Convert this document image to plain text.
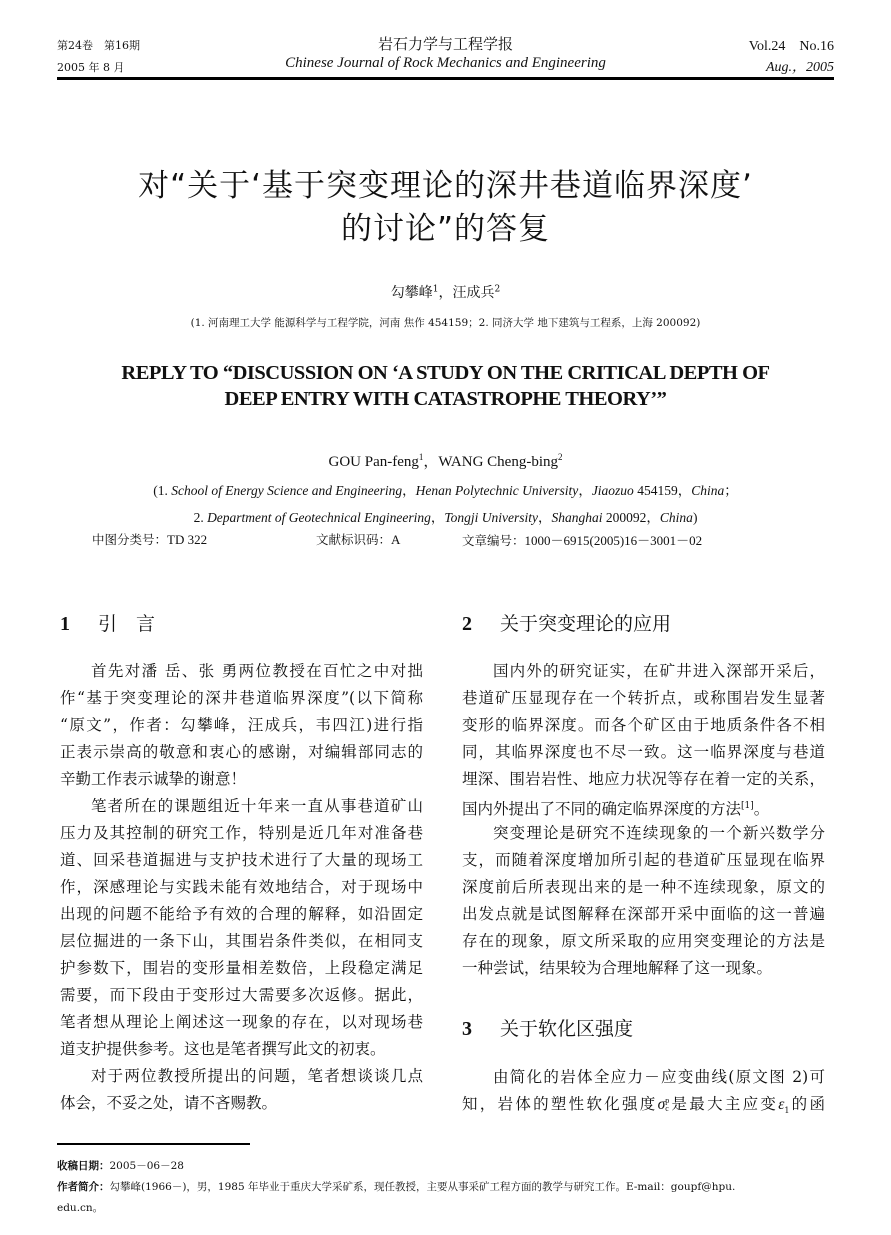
第24卷　第16期
2005 年 8 月
岩石力学与工程学报
Chinese Journal of Rock Mechanics and Engineering
Vol.24　No.16
Aug.，2005
对“关于‘基于突变理论的深井巷道临界深度’
的讨论”的答复
勾攀峰$^1$，汪成兵$^2$
(1. 河南理工大学 能源科学与工程学院，河南 焦作 454159；2. 同济大学 地下建筑与工程系，上海 200092)
REPLY TO “DISCUSSION ON ‘A STUDY ON THE CRITICAL DEPTH OF
DEEP ENTRY WITH CATASTROPHE THEORY’”
GOU Pan-feng$^1$，WANG Cheng-bing$^2$
(1. School of Energy Science and Engineering，Henan Polytechnic University，Jiaozuo 454159，China；
2. Department of Geotechnical Engineering，Tongji University，Shanghai 200092，China)
中图分类号：TD 322	文献标识码：A	文章编号：1000－6915(2005)16－3001－02
1 引　言	2 关于突变理论的应用
首先对潘 岳、张 勇两位教授在百忙之中对拙
作“基于突变理论的深井巷道临界深度”(以下简称
“原文”，作者：勾攀峰，汪成兵，韦四江)进行指
正表示崇高的敬意和衷心的感谢，对编辑部同志的
辛勤工作表示诚挚的谢意！
笔者所在的课题组近十年来一直从事巷道矿山
压力及其控制的研究工作，特别是近几年对准备巷
道、回采巷道掘进与支护技术进行了大量的现场工
作，深感理论与实践未能有效地结合，对于现场中
出现的问题不能给予有效的合理的解释，如沿固定
层位掘进的一条下山，其围岩条件类似，在相同支
护参数下，围岩的变形量相差数倍，上段稳定满足
需要，而下段由于变形过大需要多次返修。据此，
笔者想从理论上阐述这一现象的存在，以对现场巷
道支护提供参考。这也是笔者撰写此文的初衷。
对于两位教授所提出的问题，笔者想谈谈几点
体会，不妥之处，请不吝赐教。
国内外的研究证实，在矿井进入深部开采后，
巷道矿压显现存在一个转折点，或称围岩发生显著
变形的临界深度。而各个矿区由于地质条件各不相
同，其临界深度也不尽一致。这一临界深度与巷道
埋深、围岩岩性、地应力状况等存在着一定的关系，
国内外提出了不同的确定临界深度的方法[1]。
突变理论是研究不连续现象的一个新兴数学分
支，而随着深度增加所引起的巷道矿压显现在临界
深度前后所表现出来的是一种不连续现象，原文的
出发点就是试图解释在深部开采中面临的这一普遍
存在的现象，原文所采取的应用突变理论的方法是
一种尝试，结果较为合理地解释了这一现象。
3 关于软化区强度
由简化的岩体全应力－应变曲线(原文图 2)可
知，岩体的塑性软化强度σ p
c 是最大主应变$\varepsilon_1$的函
收稿日期：2005－06－28
作者简介：勾攀峰(1966－)，男，1985 年毕业于重庆大学采矿系，现任教授，主要从事采矿工程方面的教学与研究工作。E-mail：goupf@hpu.
edu.cn。
